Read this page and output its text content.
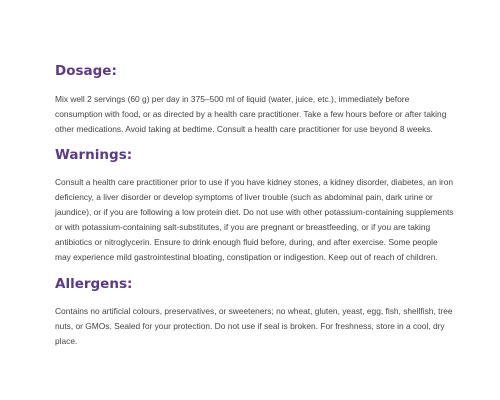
Dosage:

Mix well 2 servings (60 g) per day in 375–500 ml of liquid (water, juice, etc.), immediately before consumption with food, or as directed by a health care practitioner. Take a few hours before or after taking other medications. Avoid taking at bedtime. Consult a health care practitioner for use beyond 8 weeks.

Warnings:

Consult a health care practitioner prior to use if you have kidney stones, a kidney disorder, diabetes, an iron deficiency, a liver disorder or develop symptoms of liver trouble (such as abdominal pain, dark urine or jaundice), or if you are following a low protein diet. Do not use with other potassium-containing supplements or with potassium-containing salt-substitutes, if you are pregnant or breastfeeding, or if you are taking antibiotics or nitroglycerin. Ensure to drink enough fluid before, during, and after exercise. Some people may experience mild gastrointestinal bloating, constipation or indigestion. Keep out of reach of children.

Allergens:

Contains no artificial colours, preservatives, or sweeteners; no wheat, gluten, yeast, egg, fish, shellfish, tree nuts, or GMOs. Sealed for your protection. Do not use if seal is broken. For freshness, store in a cool, dry place.
